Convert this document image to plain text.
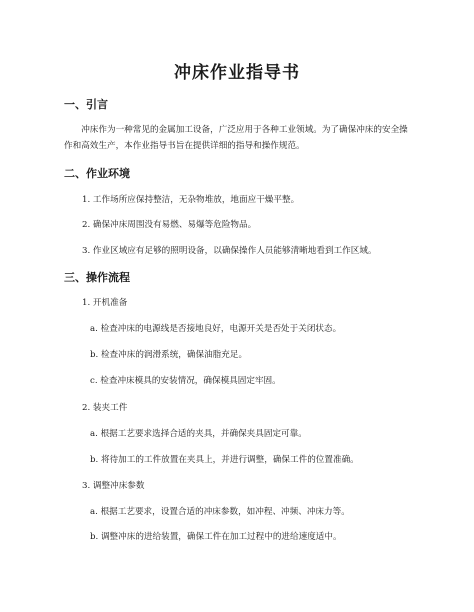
冲床作业指导书
一、引言
冲床作为一种常见的金属加工设备，广泛应用于各种工业领域。为了确保冲床的安全操作和高效生产，本作业指导书旨在提供详细的指导和操作规范。
二、作业环境
1. 工作场所应保持整洁，无杂物堆放，地面应干燥平整。
2. 确保冲床周围没有易燃、易爆等危险物品。
3. 作业区域应有足够的照明设备，以确保操作人员能够清晰地看到工作区域。
三、操作流程
1. 开机准备
a. 检查冲床的电源线是否接地良好，电源开关是否处于关闭状态。
b. 检查冲床的润滑系统，确保油脂充足。
c. 检查冲床模具的安装情况，确保模具固定牢固。
2. 装夹工件
a. 根据工艺要求选择合适的夹具，并确保夹具固定可靠。
b. 将待加工的工件放置在夹具上，并进行调整，确保工件的位置准确。
3. 调整冲床参数
a. 根据工艺要求，设置合适的冲床参数，如冲程、冲频、冲床力等。
b. 调整冲床的进给装置，确保工件在加工过程中的进给速度适中。
